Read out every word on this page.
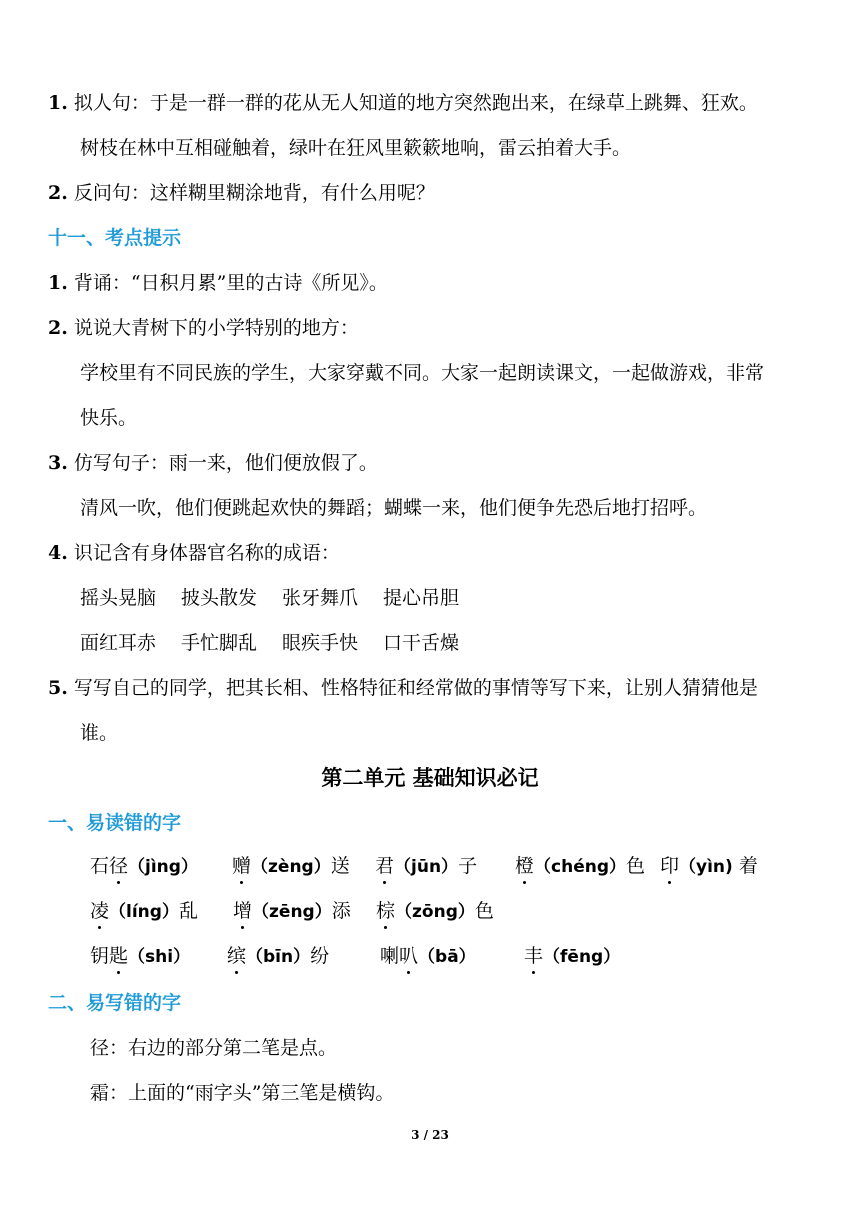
1. 拟人句：于是一群一群的花从无人知道的地方突然跑出来，在绿草上跳舞、狂欢。
树枝在林中互相碰触着，绿叶在狂风里簌簌地响，雷云拍着大手。
2. 反问句：这样糊里糊涂地背，有什么用呢？
十一、考点提示
1. 背诵：“日积月累”里的古诗《所见》。
2. 说说大青树下的小学特别的地方：
学校里有不同民族的学生，大家穿戴不同。大家一起朗读课文，一起做游戏，非常
快乐。
3. 仿写句子：雨一来，他们便放假了。
清风一吹，他们便跳起欢快的舞蹈；蝴蝶一来，他们便争先恐后地打招呼。
4. 识记含有身体器官名称的成语：
摇头晃脑 披头散发 张牙舞爪 提心吊胆
面红耳赤 手忙脚乱 眼疾手快 口干舌燥
5. 写写自己的同学，把其长相、性格特征和经常做的事情等写下来，让别人猜猜他是
谁。
第二单元 基础知识必记
一、易读错的字
石径（jìng） 赠（zèng）送 君（jūn）子 橙（chéng）色 印（yìn) 着
凌（líng）乱 增（zēng）添 棕（zōng）色
钥匙（shi） 缤（bīn）纷	喇叭（bā）	丰（fēng）
二、易写错的字
径：右边的部分第二笔是点。
霜：上面的“雨字头”第三笔是横钩。
3 / 23
